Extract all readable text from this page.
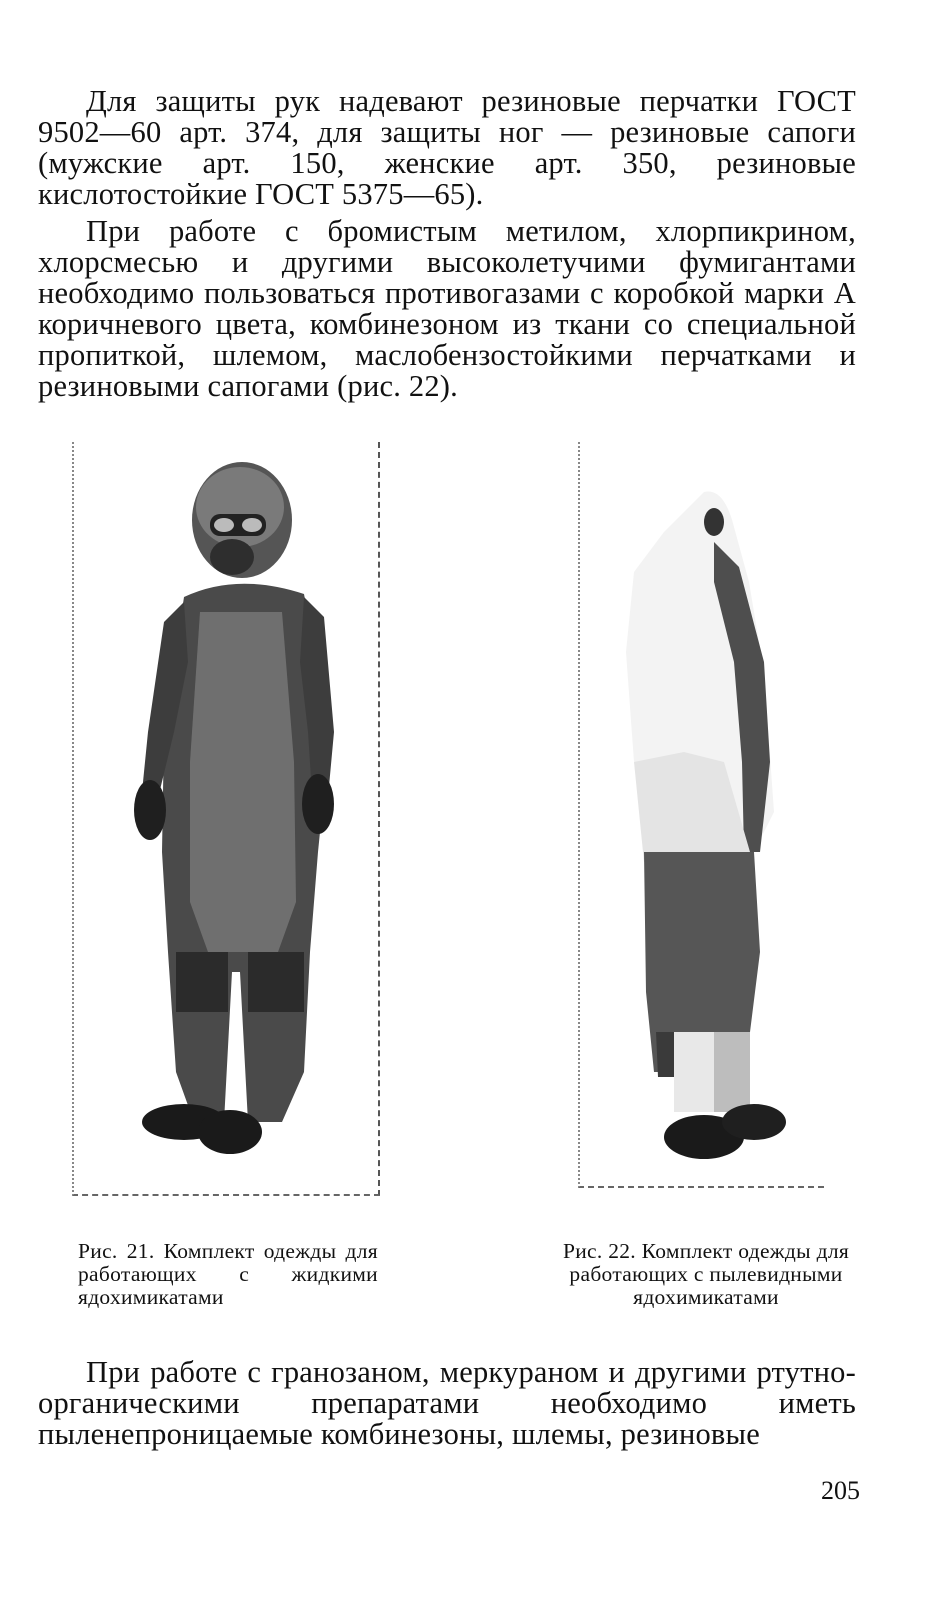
Для защиты рук надевают резиновые перчатки ГОСТ 9502—60 арт. 374, для защиты ног — резиновые сапоги (мужские арт. 150, женские арт. 350, резиновые кислотостойкие ГОСТ 5375—65).

При работе с бромистым метилом, хлорпикрином, хлорсмесью и другими высоколетучими фумигантами необходимо пользоваться противогазами с коробкой марки А коричневого цвета, комбинезоном из ткани со специальной пропиткой, шлемом, маслобензостойкими перчатками и резиновыми сапогами (рис. 22).

Рис. 21. Комплект одежды для работающих с жидкими ядохимикатами

Рис. 22. Комплект одежды для работающих с пылевидными ядохимикатами

При работе с гранозаном, меркураном и другими ртутно-органическими препаратами необходимо иметь пыленепроницаемые комбинезоны, шлемы, резиновые

205
